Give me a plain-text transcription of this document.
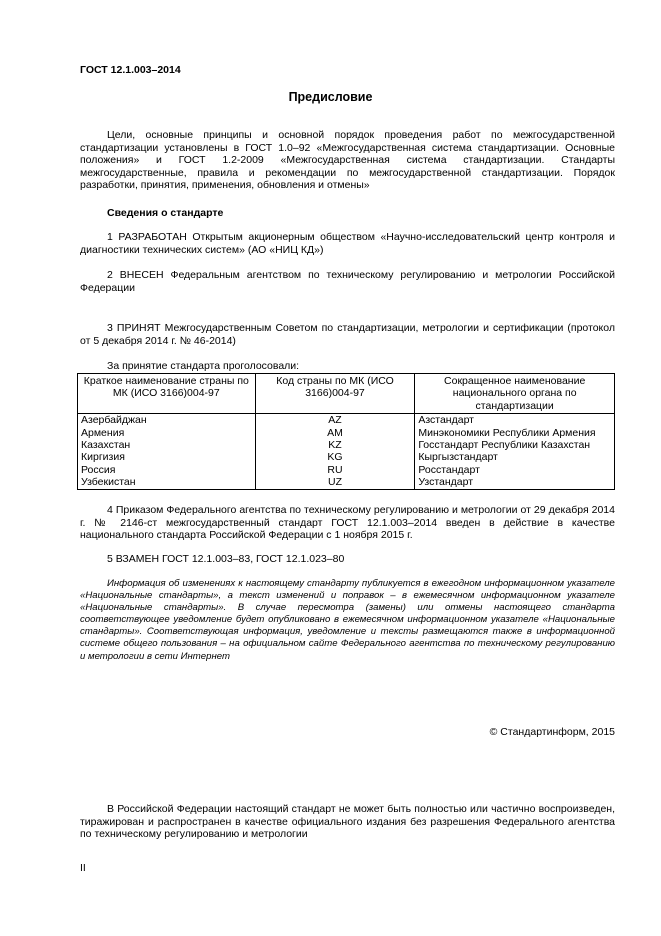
ГОСТ 12.1.003–2014
Предисловие
Цели, основные принципы и основной порядок проведения работ по межгосударственной стандартизации установлены в ГОСТ 1.0–92 «Межгосударственная система стандартизации. Основные положения» и ГОСТ 1.2-2009 «Межгосударственная система стандартизации. Стандарты межгосударственные, правила и рекомендации по межгосударственной стандартизации. Порядок разработки, принятия, применения, обновления и отмены»
Сведения о стандарте
1 РАЗРАБОТАН Открытым акционерным обществом «Научно-исследовательский центр контроля и диагностики технических систем» (АО «НИЦ КД»)
2 ВНЕСЕН Федеральным агентством по техническому регулированию и метрологии Российской Федерации
3 ПРИНЯТ Межгосударственным Советом по стандартизации, метрологии и сертификации (протокол от 5 декабря 2014 г. № 46-2014)
За принятие стандарта проголосовали:
Краткое наименование страны по МК (ИСО 3166)004-97	Код страны по МК (ИСО 3166)004-97	Сокращенное наименование национального органа по стандартизации
Азербайджан	AZ	Азстандарт
Армения	AM	Минэкономики Республики Армения
Казахстан	KZ	Госстандарт Республики Казахстан
Киргизия	KG	Кыргызстандарт
Россия	RU	Росстандарт
Узбекистан	UZ	Узстандарт
4 Приказом Федерального агентства по техническому регулированию и метрологии от 29 декабря 2014 г. № 2146-ст межгосударственный стандарт ГОСТ 12.1.003–2014 введен в действие в качестве национального стандарта Российской Федерации с 1 ноября 2015 г.
5 ВЗАМЕН ГОСТ 12.1.003–83, ГОСТ 12.1.023–80
Информация об изменениях к настоящему стандарту публикуется в ежегодном информационном указателе «Национальные стандарты», а текст изменений и поправок – в ежемесячном информационном указателе «Национальные стандарты». В случае пересмотра (замены) или отмены настоящего стандарта соответствующее уведомление будет опубликовано в ежемесячном информационном указателе «Национальные стандарты». Соответствующая информация, уведомление и тексты размещаются также в информационной системе общего пользования – на официальном сайте Федерального агентства по техническому регулированию и метрологии в сети Интернет
© Стандартинформ, 2015
В Российской Федерации настоящий стандарт не может быть полностью или частично воспроизведен, тиражирован и распространен в качестве официального издания без разрешения Федерального агентства по техническому регулированию и метрологии
II
